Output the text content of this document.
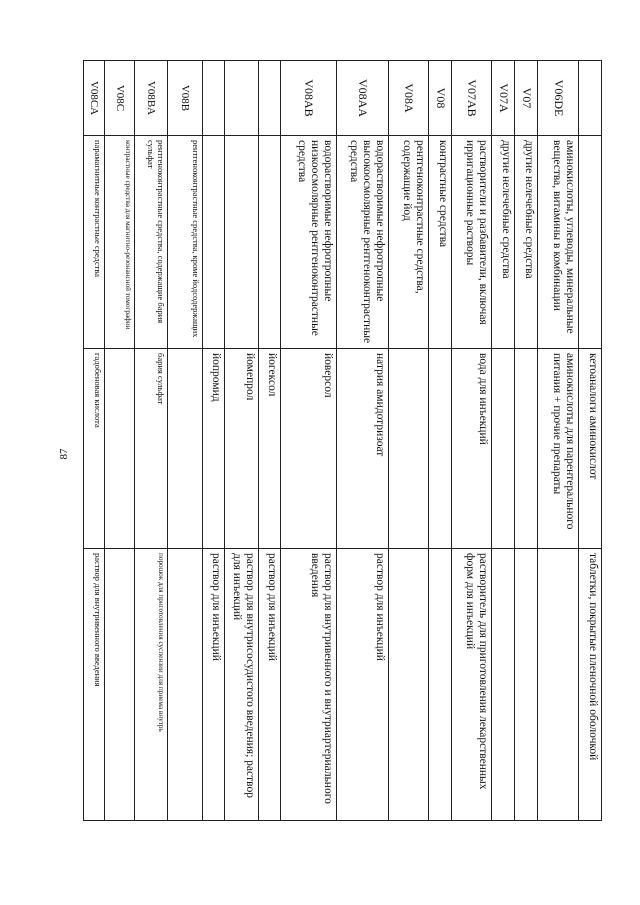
87
			кетоаналоги аминокислот	таблетки, покрытые пленочной оболочкой
V06DE	аминокислоты, углеводы, минеральные вещества, витамины в комбинации	аминокислоты для парентерального питания + прочие препараты	
V07	другие нелечебные средства		
V07A	другие нелечебные средства		
V07AB	растворители и разбавители, включая ирригационные растворы	вода для инъекций	растворитель для приготовления лекарственных форм для инъекций
V08	контрастные средства		
V08A	рентгеноконтрастные средства, содержащие йод		
V08AA	водорастворимые нефротропные высокоосмолярные рентгеноконтрастные средства	натрия амидотризоат	раствор для инъекций
V08AB	водорастворимые нефротропные низкоосмолярные рентгеноконтрастные средства	йоверсол	раствор для внутривенного и внутриартериального введения
		йогексол	раствор для инъекций
		йомепрол	раствор для внутрисосудистого введения; раствор для инъекций
		йопромид	раствор для инъекций
V08B	рентгеноконтрастные средства, кроме йодсодержащих		
V08BA	рентгеноконтрастные средства, содержащие бария сульфат	бария сульфат	порошок для приготовления суспензии для приема внутрь
V08C	контрастные средства для магнитно-резонансной томографии		
V08CA	парамагнитные контрастные средства	гадобеновая кислота	раствор для внутривенного введения
